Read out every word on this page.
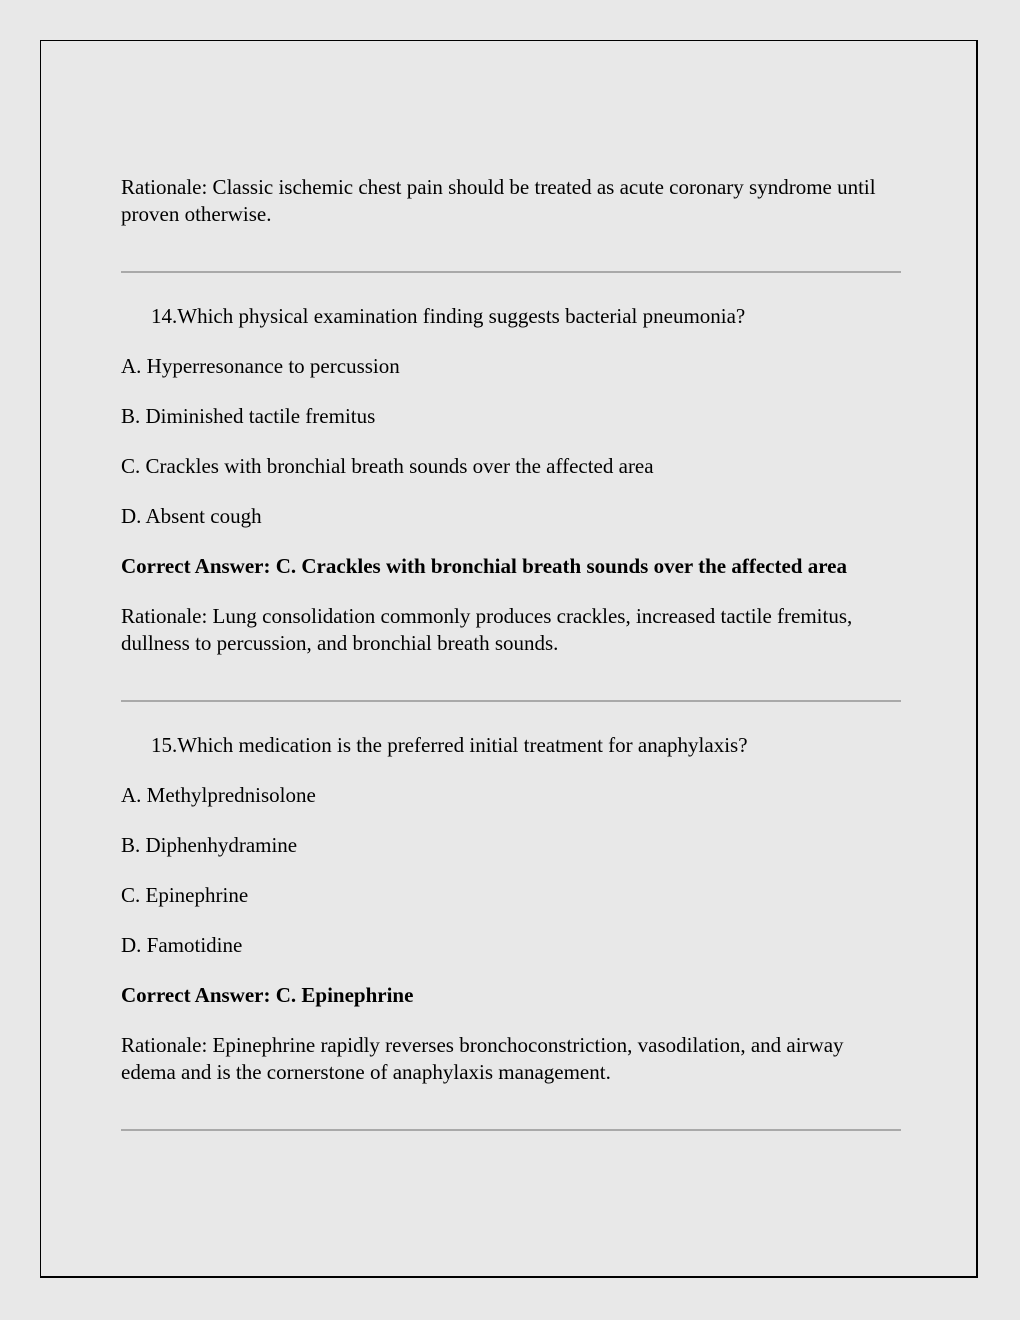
Rationale: Classic ischemic chest pain should be treated as acute coronary syndrome until proven otherwise.

14.Which physical examination finding suggests bacterial pneumonia?

A. Hyperresonance to percussion

B. Diminished tactile fremitus

C. Crackles with bronchial breath sounds over the affected area

D. Absent cough

Correct Answer: C. Crackles with bronchial breath sounds over the affected area

Rationale: Lung consolidation commonly produces crackles, increased tactile fremitus, dullness to percussion, and bronchial breath sounds.

15.Which medication is the preferred initial treatment for anaphylaxis?

A. Methylprednisolone

B. Diphenhydramine

C. Epinephrine

D. Famotidine

Correct Answer: C. Epinephrine

Rationale: Epinephrine rapidly reverses bronchoconstriction, vasodilation, and airway edema and is the cornerstone of anaphylaxis management.
